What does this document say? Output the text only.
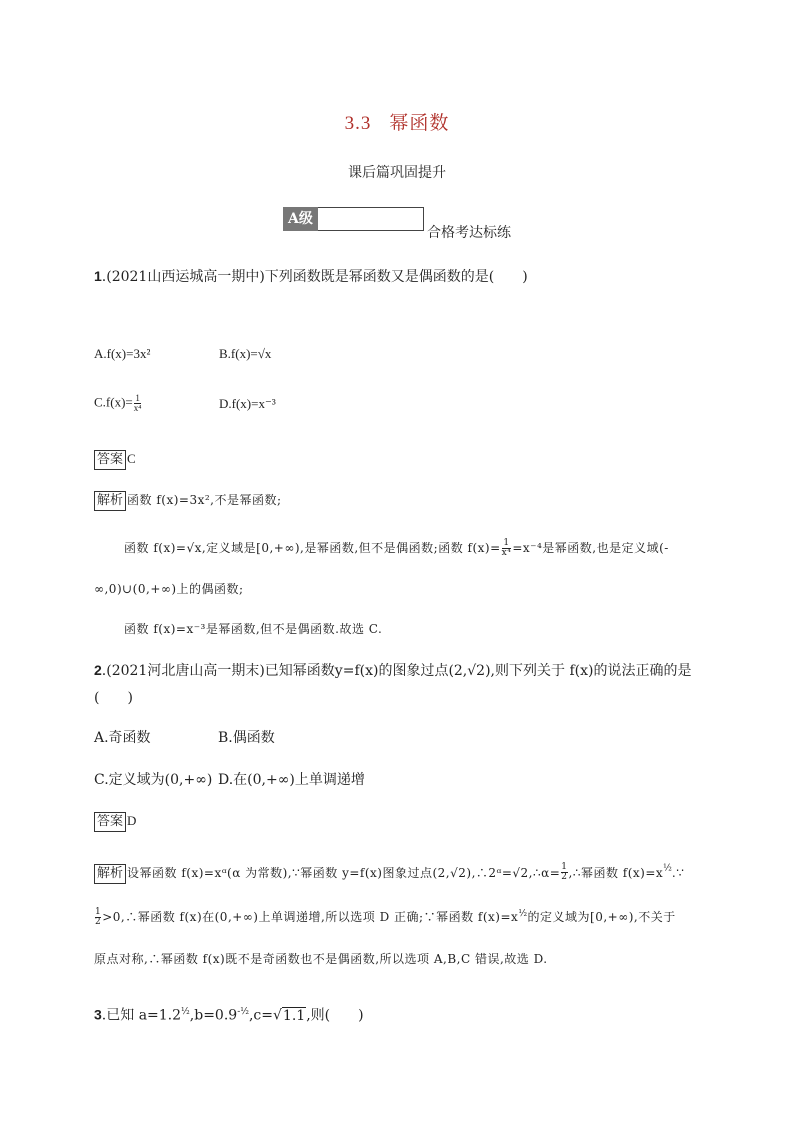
3.3 幂函数
课后篇巩固提升
A级
合格考达标练
1.(2021山西运城高一期中)下列函数既是幂函数又是偶函数的是(　　)
A.f(x)=3x²	B.f(x)=√x
$C.f(x)= \frac{1}{\text{x⁴}}$	D.f(x)=x⁻³
答案 C
解析 函数 f(x)=3x²,不是幂函数;
函数 f(x)=√x,定义域是[0,+∞),是幂函数,但不是偶函数;函数 $f(x)= \frac{1}{\text{x⁴}} =x^{-4}$是幂函数,也是定义域(-
∞,0)∪(0,+∞)上的偶函数;
函数 f(x)=x⁻³是幂函数,但不是偶函数.故选 C.
2.(2021河北唐山高一期末)已知幂函数y=f(x)的图象过点(2,√2),则下列关于 f(x)的说法正确的是
(　　)
A.奇函数	B.偶函数
C.定义域为(0,+∞) D.在(0,+∞)上单调递增
答案 D
解析 设幂函数 f(x)=xᵅ(α 为常数),∵幂函数 y=f(x)图象过点(2,√2),∴2ᵅ=√2,∴α= $\frac{1}{2}$ ,∴幂函数 $f(x)=x^{\frac{1}{2}}.\because$
$\frac{1}{2}$ >0,∴幂函数 f(x)在(0,+∞)上单调递增,所以选项 D 正确;∵幂函数 $f(x)=x^{\frac{1}{2}}$的定义域为[0,+∞),不关于
原点对称,∴幂函数 f(x)既不是奇函数也不是偶函数,所以选项 A,B,C 错误,故选 D.
3.已知 $a=1.2^{\frac{1}{2}},b=0.9^{-\frac{1}{2}},c=√1.1$,则(　　)
